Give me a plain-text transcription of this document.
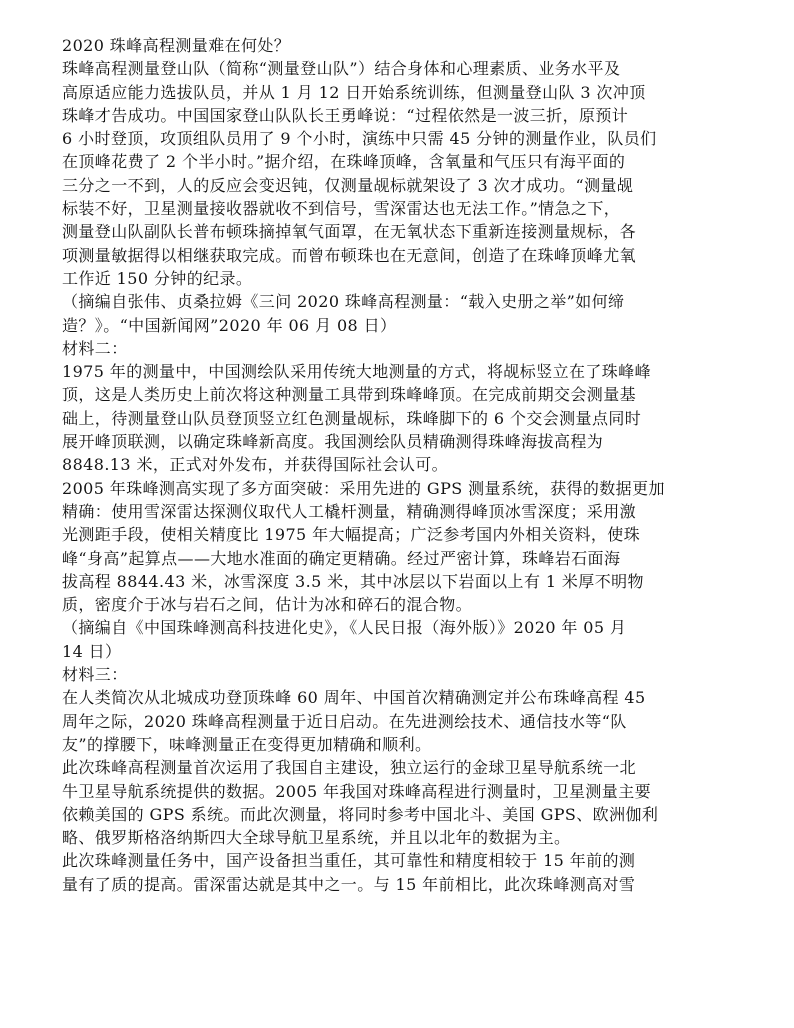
2020 珠峰高程测量难在何处？
珠峰高程测量登山队（简称“测量登山队”）结合身体和心理素质、业务水平及
高原适应能力选拔队员，并从 1 月 12 日开始系统训练，但测量登山队 3 次冲顶
珠峰才告成功。中国国家登山队队长王勇峰说：“过程依然是一波三折，原预计
6 小时登顶，攻顶组队员用了 9 个小时，演练中只需 45 分钟的测量作业，队员们
在顶峰花费了 2 个半小时。”据介绍，在珠峰顶峰，含氧量和气压只有海平面的
三分之一不到，人的反应会变迟钝，仅测量觇标就架设了 3 次才成功。“测量觇
标装不好，卫星测量接收器就收不到信号，雪深雷达也无法工作。”情急之下，
测量登山队副队长普布顿珠摘掉氧气面罩，在无氧状态下重新连接测量规标，各
项测量敏据得以相继获取完成。而曾布顿珠也在无意间，创造了在珠峰顶峰尤氧
工作近 150 分钟的纪录。
（摘编自张伟、贞桑拉姆《三问 2020 珠峰高程测量：“载入史册之举”如何缔
造？》。“中国新闻网”2020 年 06 月 08 日）
材料二：
1975 年的测量中，中国测绘队采用传统大地测量的方式，将觇标竖立在了珠峰峰
顶，这是人类历史上前次将这种测量工具带到珠峰峰顶。在完成前期交会测量基
础上，待测量登山队员登顶竖立红色测量觇标，珠峰脚下的 6 个交会测量点同时
展开峰顶联测，以确定珠峰新高度。我国测绘队员精确测得珠峰海拔高程为
8848.13 米，正式对外发布，并获得国际社会认可。
2005 年珠峰测高实现了多方面突破：采用先进的 GPS 测量系统，获得的数据更加
精确：使用雪深雷达探测仪取代人工橇杆测量，精确测得峰顶冰雪深度；采用激
光测距手段，使相关精度比 1975 年大幅提高；广泛参考国内外相关资料，使珠
峰“身高”起算点——大地水准面的确定更精确。经过严密计算，珠峰岩石面海
拔高程 8844.43 米，冰雪深度 3.5 米，其中冰层以下岩面以上有 1 米厚不明物
质，密度介于冰与岩石之间，估计为冰和碎石的混合物。
（摘编自《中国珠峰测高科技进化史》，《人民日报（海外版）》2020 年 05 月
14 日）
材料三：
在人类简次从北城成功登顶珠峰 60 周年、中国首次精确测定并公布珠峰高程 45
周年之际，2020 珠峰高程测量于近日启动。在先进测绘技术、通信技水等“队
友”的撑腰下，味峰测量正在变得更加精确和顺利。
此次珠峰高程测量首次运用了我国自主建设，独立运行的金球卫星导航系统一北
牛卫星导航系统提供的数据。2005 年我国对珠峰高程进行测量时，卫星测量主要
依赖美国的 GPS 系统。而此次测量，将同时参考中国北斗、美国 GPS、欧洲伽利
略、俄罗斯格洛纳斯四大全球导航卫星系统，并且以北年的数据为主。
此次珠峰测量任务中，国产设备担当重任，其可靠性和精度相较于 15 年前的测
量有了质的提高。雷深雷达就是其中之一。与 15 年前相比，此次珠峰测高对雪
